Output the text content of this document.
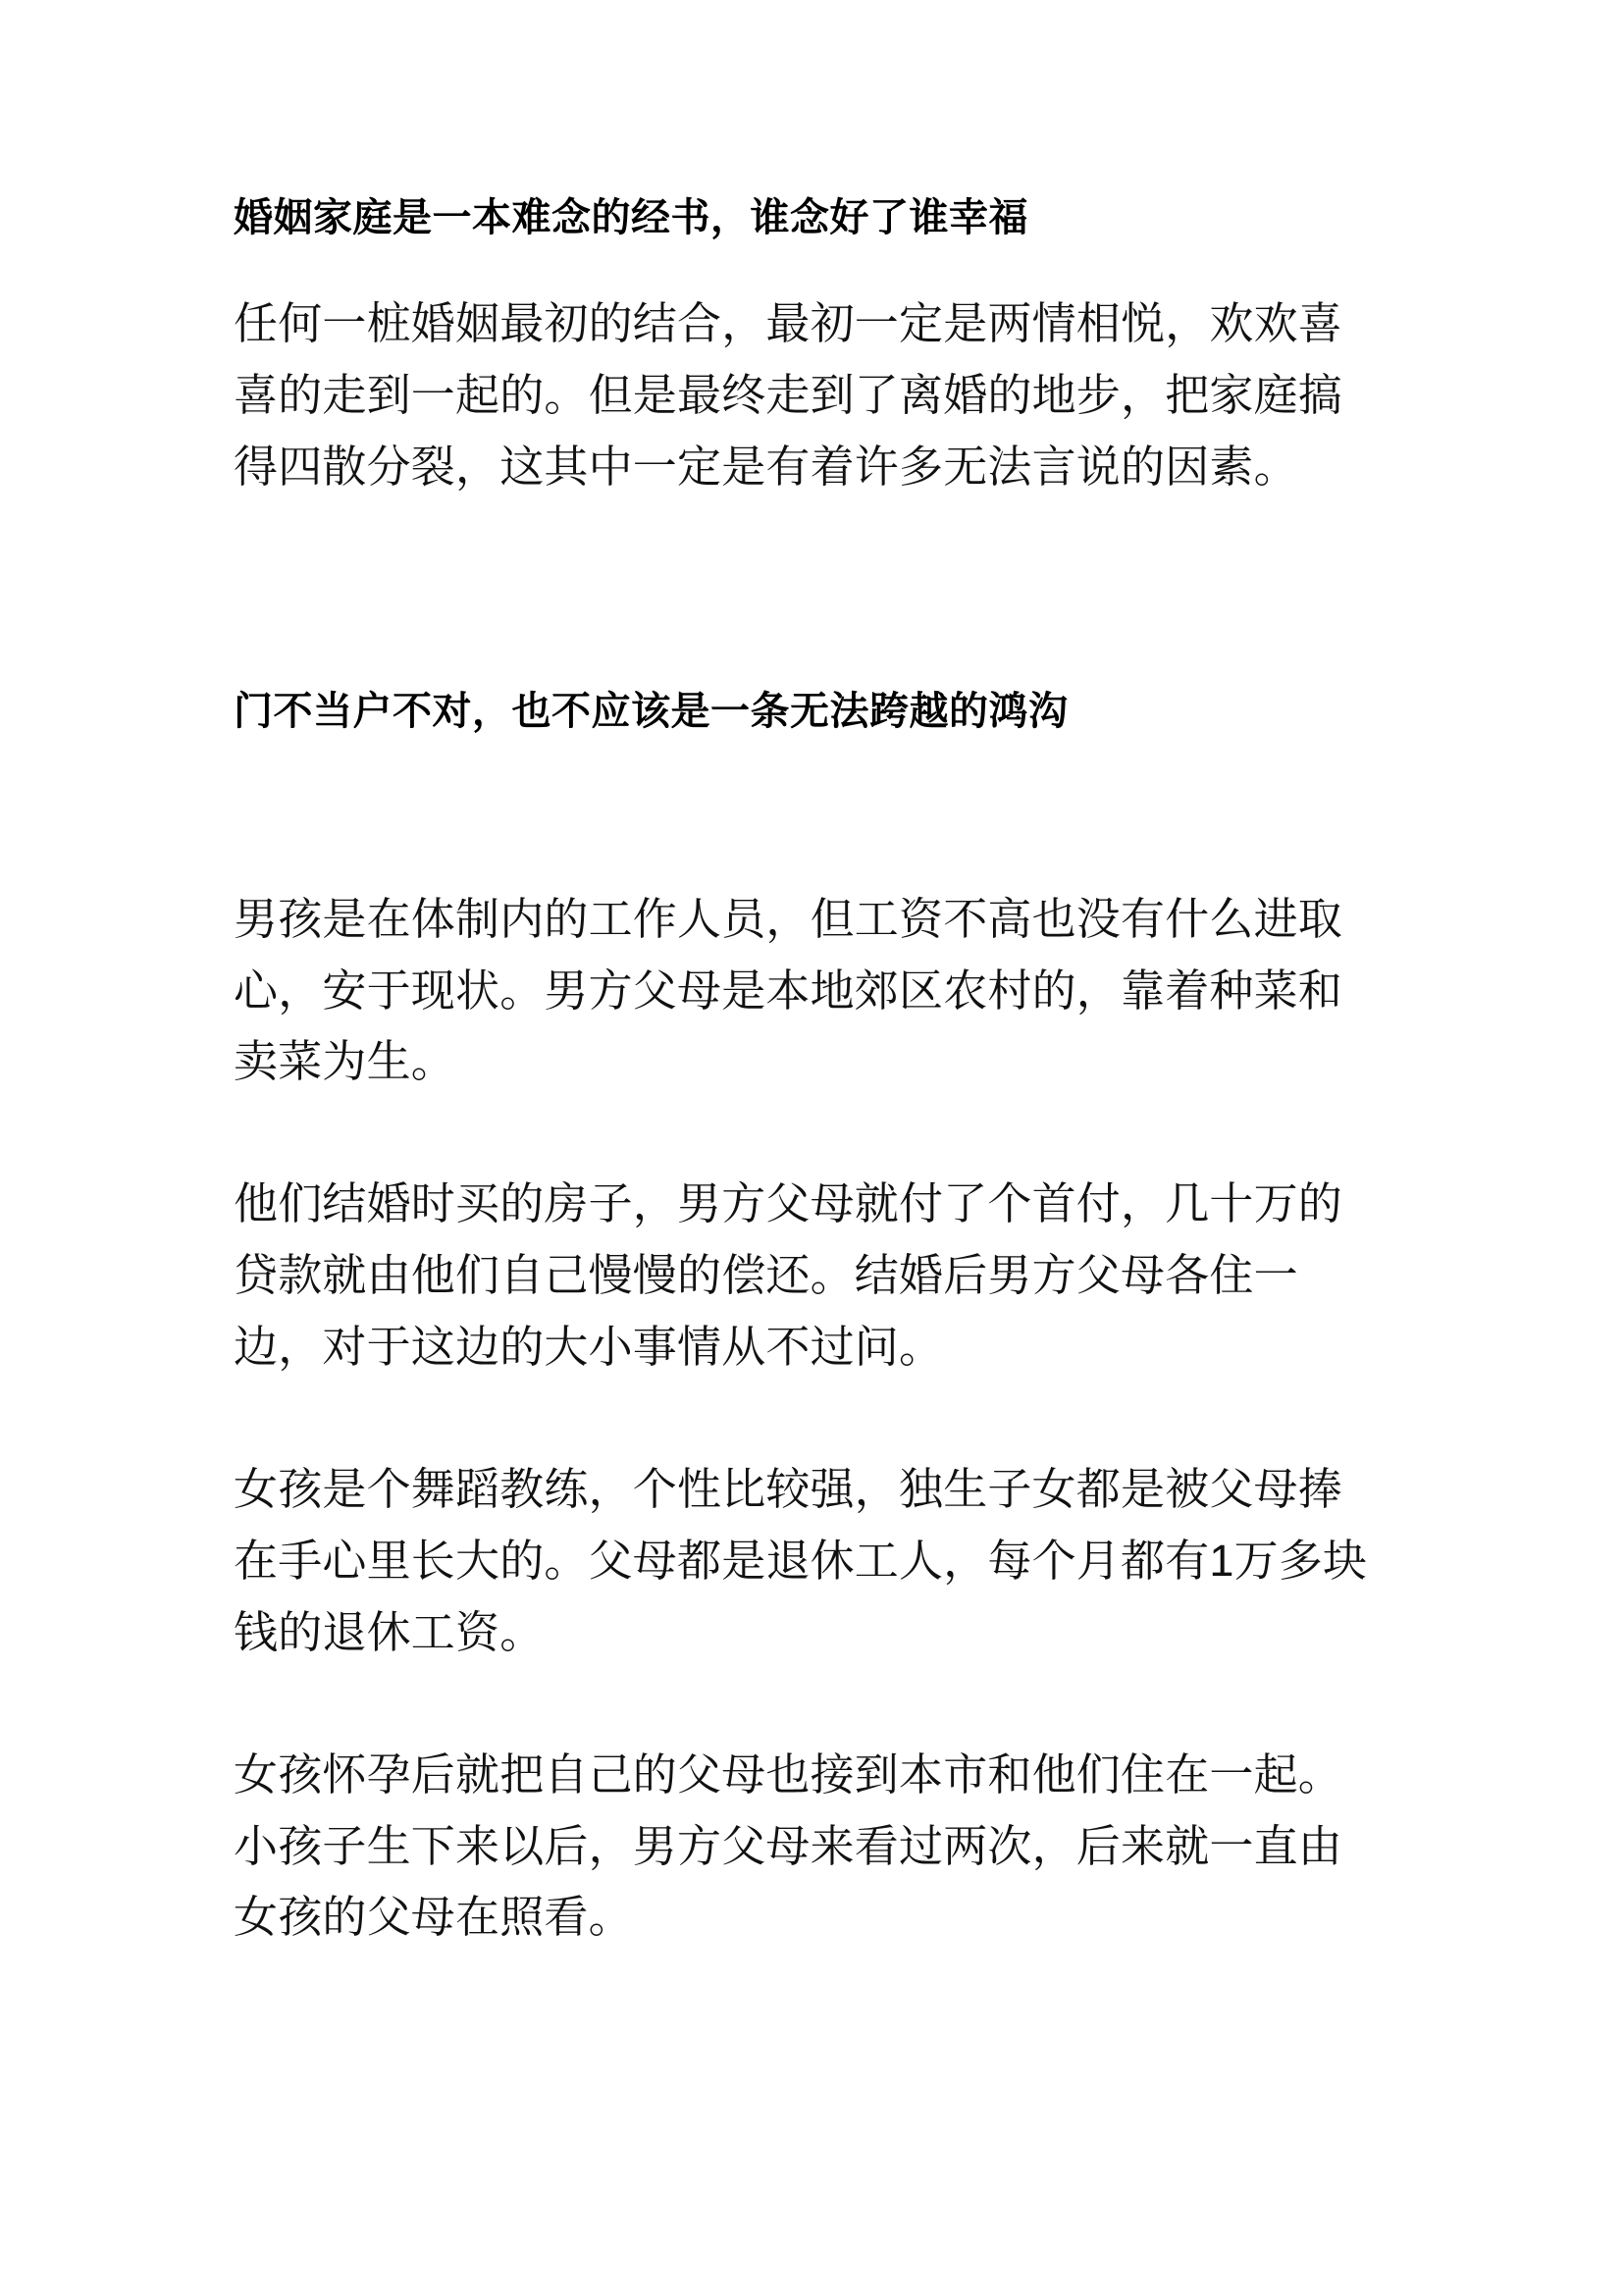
婚姻家庭是一本难念的经书，谁念好了谁幸福

任何一桩婚姻最初的结合，最初一定是两情相悦，欢欢喜喜的走到一起的。但是最终走到了离婚的地步，把家庭搞得四散分裂，这其中一定是有着许多无法言说的因素。

门不当户不对，也不应该是一条无法跨越的鸿沟

男孩是在体制内的工作人员，但工资不高也没有什么进取心，安于现状。男方父母是本地郊区农村的，靠着种菜和卖菜为生。

他们结婚时买的房子，男方父母就付了个首付，几十万的贷款就由他们自己慢慢的偿还。结婚后男方父母各住一边，对于这边的大小事情从不过问。

女孩是个舞蹈教练，个性比较强，独生子女都是被父母捧在手心里长大的。父母都是退休工人，每个月都有1万多块钱的退休工资。

女孩怀孕后就把自己的父母也接到本市和他们住在一起。小孩子生下来以后，男方父母来看过两次，后来就一直由女孩的父母在照看。
